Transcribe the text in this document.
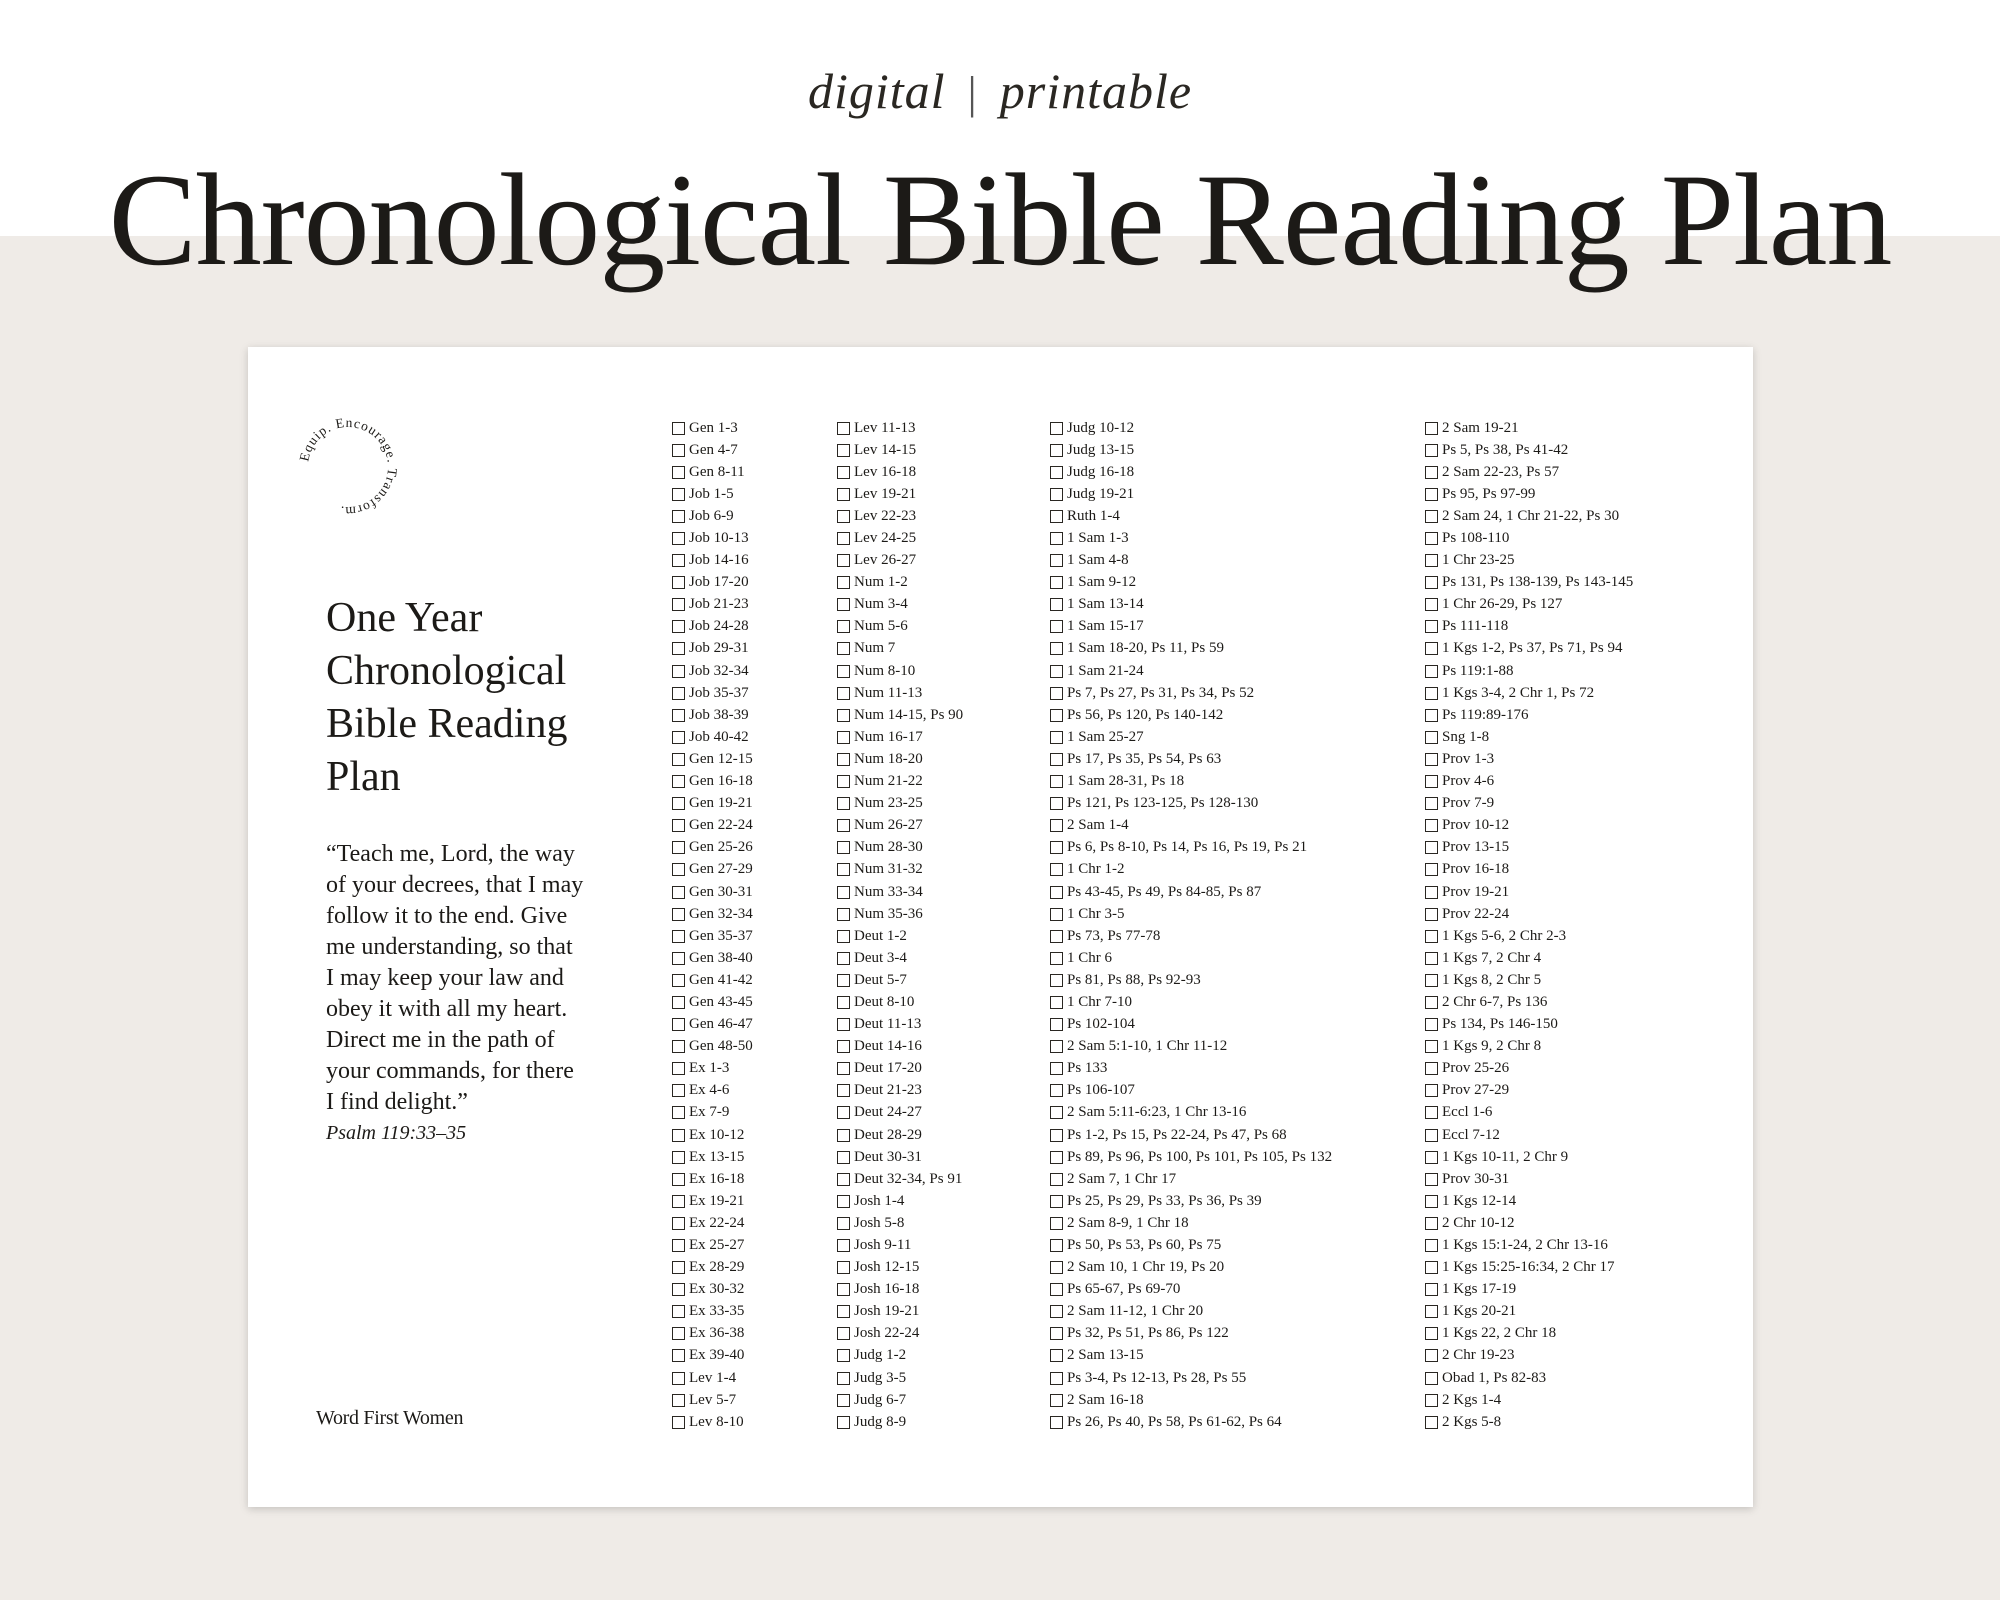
digital | printable
Chronological Bible Reading Plan
Equip. Encourage. Transform.
One Year
Chronological
Bible Reading
Plan
“Teach me, Lord, the way
of your decrees, that I may
follow it to the end. Give
me understanding, so that
I may keep your law and
obey it with all my heart.
Direct me in the path of
your commands, for there
I find delight.”
Psalm 119:33–35
Word First Women
Gen 1-3
Gen 4-7
Gen 8-11
Job 1-5
Job 6-9
Job 10-13
Job 14-16
Job 17-20
Job 21-23
Job 24-28
Job 29-31
Job 32-34
Job 35-37
Job 38-39
Job 40-42
Gen 12-15
Gen 16-18
Gen 19-21
Gen 22-24
Gen 25-26
Gen 27-29
Gen 30-31
Gen 32-34
Gen 35-37
Gen 38-40
Gen 41-42
Gen 43-45
Gen 46-47
Gen 48-50
Ex 1-3
Ex 4-6
Ex 7-9
Ex 10-12
Ex 13-15
Ex 16-18
Ex 19-21
Ex 22-24
Ex 25-27
Ex 28-29
Ex 30-32
Ex 33-35
Ex 36-38
Ex 39-40
Lev 1-4
Lev 5-7
Lev 8-10
Lev 11-13
Lev 14-15
Lev 16-18
Lev 19-21
Lev 22-23
Lev 24-25
Lev 26-27
Num 1-2
Num 3-4
Num 5-6
Num 7
Num 8-10
Num 11-13
Num 14-15, Ps 90
Num 16-17
Num 18-20
Num 21-22
Num 23-25
Num 26-27
Num 28-30
Num 31-32
Num 33-34
Num 35-36
Deut 1-2
Deut 3-4
Deut 5-7
Deut 8-10
Deut 11-13
Deut 14-16
Deut 17-20
Deut 21-23
Deut 24-27
Deut 28-29
Deut 30-31
Deut 32-34, Ps 91
Josh 1-4
Josh 5-8
Josh 9-11
Josh 12-15
Josh 16-18
Josh 19-21
Josh 22-24
Judg 1-2
Judg 3-5
Judg 6-7
Judg 8-9
Judg 10-12
Judg 13-15
Judg 16-18
Judg 19-21
Ruth 1-4
1 Sam 1-3
1 Sam 4-8
1 Sam 9-12
1 Sam 13-14
1 Sam 15-17
1 Sam 18-20, Ps 11, Ps 59
1 Sam 21-24
Ps 7, Ps 27, Ps 31, Ps 34, Ps 52
Ps 56, Ps 120, Ps 140-142
1 Sam 25-27
Ps 17, Ps 35, Ps 54, Ps 63
1 Sam 28-31, Ps 18
Ps 121, Ps 123-125, Ps 128-130
2 Sam 1-4
Ps 6, Ps 8-10, Ps 14, Ps 16, Ps 19, Ps 21
1 Chr 1-2
Ps 43-45, Ps 49, Ps 84-85, Ps 87
1 Chr 3-5
Ps 73, Ps 77-78
1 Chr 6
Ps 81, Ps 88, Ps 92-93
1 Chr 7-10
Ps 102-104
2 Sam 5:1-10, 1 Chr 11-12
Ps 133
Ps 106-107
2 Sam 5:11-6:23, 1 Chr 13-16
Ps 1-2, Ps 15, Ps 22-24, Ps 47, Ps 68
Ps 89, Ps 96, Ps 100, Ps 101, Ps 105, Ps 132
2 Sam 7, 1 Chr 17
Ps 25, Ps 29, Ps 33, Ps 36, Ps 39
2 Sam 8-9, 1 Chr 18
Ps 50, Ps 53, Ps 60, Ps 75
2 Sam 10, 1 Chr 19, Ps 20
Ps 65-67, Ps 69-70
2 Sam 11-12, 1 Chr 20
Ps 32, Ps 51, Ps 86, Ps 122
2 Sam 13-15
Ps 3-4, Ps 12-13, Ps 28, Ps 55
2 Sam 16-18
Ps 26, Ps 40, Ps 58, Ps 61-62, Ps 64
2 Sam 19-21
Ps 5, Ps 38, Ps 41-42
2 Sam 22-23, Ps 57
Ps 95, Ps 97-99
2 Sam 24, 1 Chr 21-22, Ps 30
Ps 108-110
1 Chr 23-25
Ps 131, Ps 138-139, Ps 143-145
1 Chr 26-29, Ps 127
Ps 111-118
1 Kgs 1-2, Ps 37, Ps 71, Ps 94
Ps 119:1-88
1 Kgs 3-4, 2 Chr 1, Ps 72
Ps 119:89-176
Sng 1-8
Prov 1-3
Prov 4-6
Prov 7-9
Prov 10-12
Prov 13-15
Prov 16-18
Prov 19-21
Prov 22-24
1 Kgs 5-6, 2 Chr 2-3
1 Kgs 7, 2 Chr 4
1 Kgs 8, 2 Chr 5
2 Chr 6-7, Ps 136
Ps 134, Ps 146-150
1 Kgs 9, 2 Chr 8
Prov 25-26
Prov 27-29
Eccl 1-6
Eccl 7-12
1 Kgs 10-11, 2 Chr 9
Prov 30-31
1 Kgs 12-14
2 Chr 10-12
1 Kgs 15:1-24, 2 Chr 13-16
1 Kgs 15:25-16:34, 2 Chr 17
1 Kgs 17-19
1 Kgs 20-21
1 Kgs 22, 2 Chr 18
2 Chr 19-23
Obad 1, Ps 82-83
2 Kgs 1-4
2 Kgs 5-8
